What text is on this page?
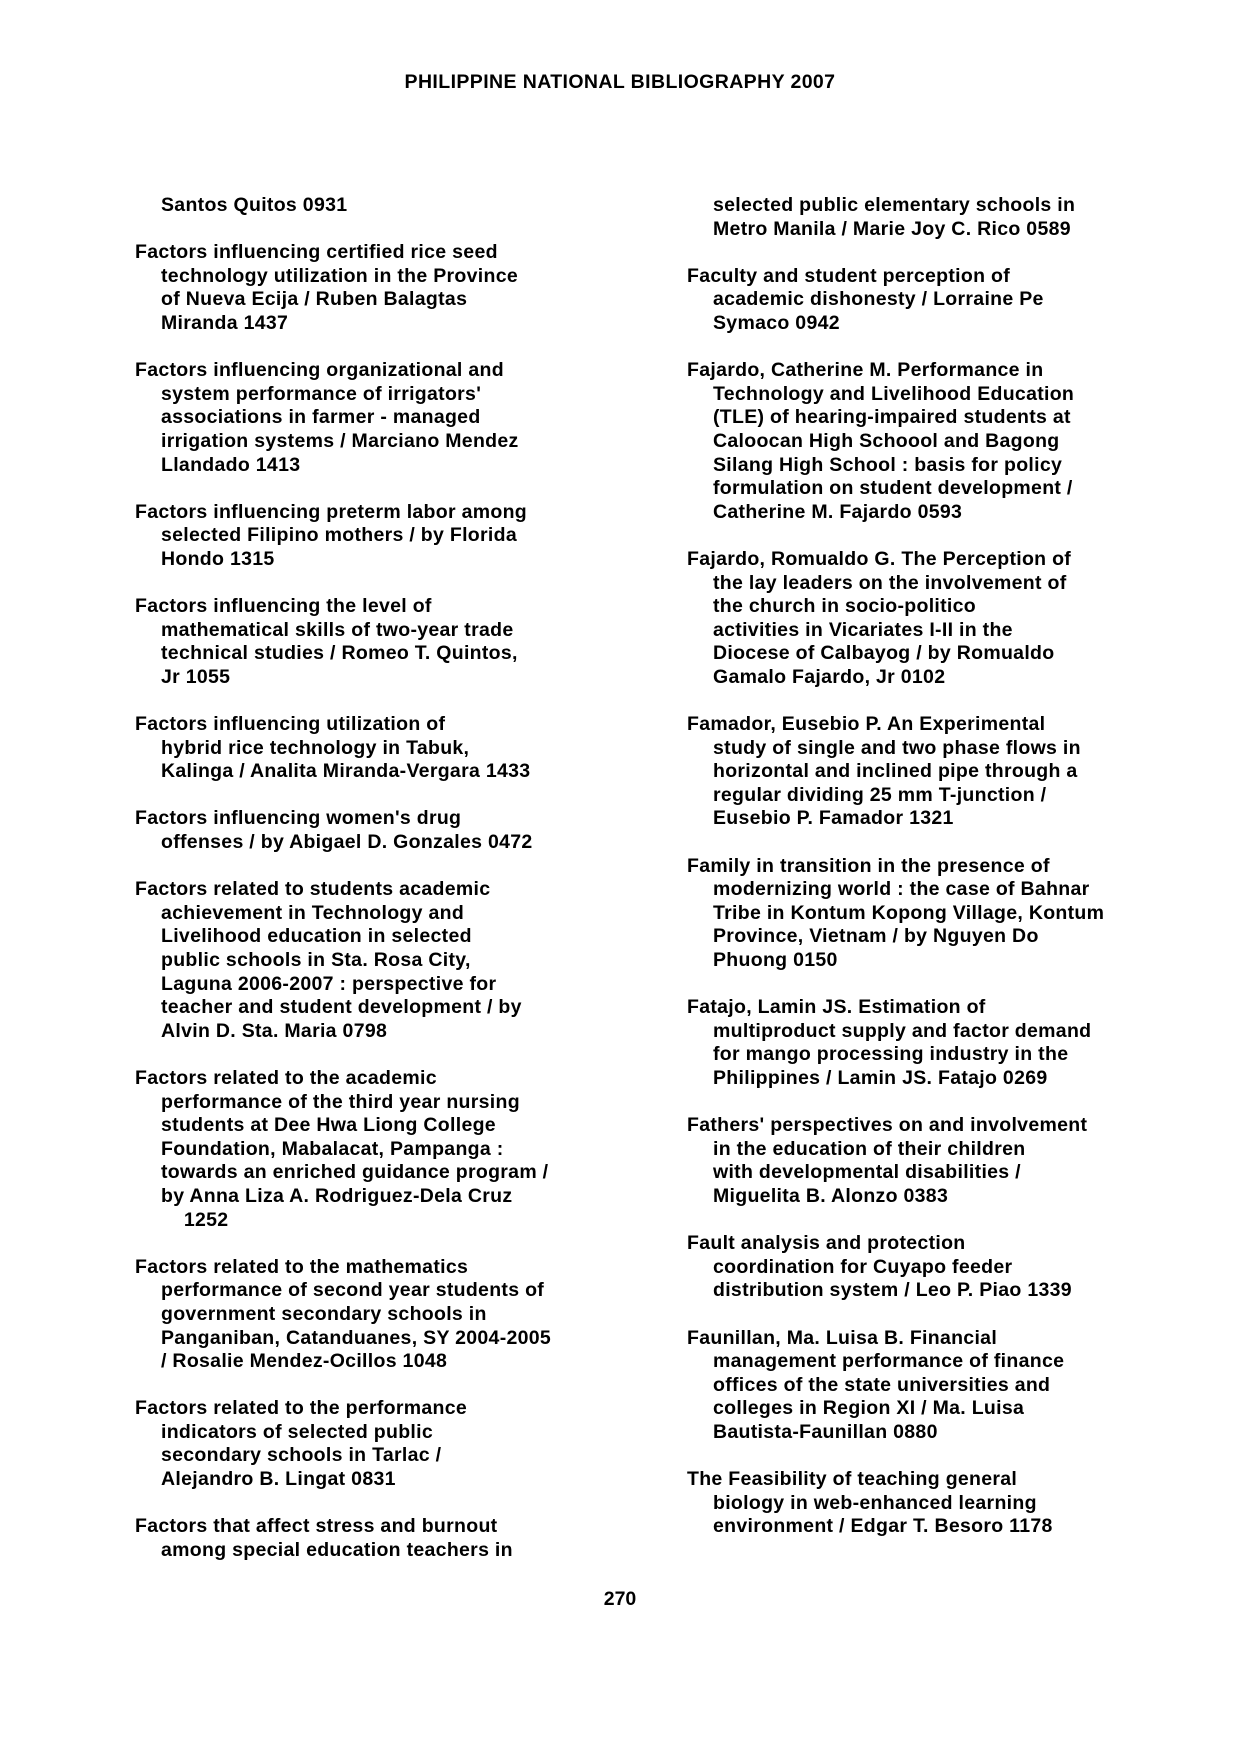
PHILIPPINE NATIONAL BIBLIOGRAPHY 2007
Santos Quitos 0931
Factors influencing certified rice seed
technology utilization in the Province
of Nueva Ecija / Ruben Balagtas
Miranda 1437
Factors influencing organizational and
system performance of irrigators'
associations in farmer - managed
irrigation systems / Marciano Mendez
Llandado 1413
Factors influencing preterm labor among
selected Filipino mothers / by Florida
Hondo 1315
Factors influencing the level of
mathematical skills of two-year trade
technical studies / Romeo T. Quintos,
Jr 1055
Factors influencing utilization of
hybrid rice technology in Tabuk,
Kalinga / Analita Miranda-Vergara 1433
Factors influencing women's drug
offenses / by Abigael D. Gonzales 0472
Factors related to students academic
achievement in Technology and
Livelihood education in selected
public schools in Sta. Rosa City,
Laguna 2006-2007 : perspective for
teacher and student development / by
Alvin D. Sta. Maria 0798
Factors related to the academic
performance of the third year nursing
students at Dee Hwa Liong College
Foundation, Mabalacat, Pampanga :
towards an enriched guidance program /
by Anna Liza A. Rodriguez-Dela Cruz
1252
Factors related to the mathematics
performance of second year students of
government secondary schools in
Panganiban, Catanduanes, SY 2004-2005
/ Rosalie Mendez-Ocillos 1048
Factors related to the performance
indicators of selected public
secondary schools in Tarlac /
Alejandro B. Lingat 0831
Factors that affect stress and burnout
among special education teachers in
selected public elementary schools in
Metro Manila / Marie Joy C. Rico 0589
Faculty and student perception of
academic dishonesty / Lorraine Pe
Symaco 0942
Fajardo, Catherine M. Performance in
Technology and Livelihood Education
(TLE) of hearing-impaired students at
Caloocan High Schoool and Bagong
Silang High School : basis for policy
formulation on student development /
Catherine M. Fajardo 0593
Fajardo, Romualdo G. The Perception of
the lay leaders on the involvement of
the church in socio-politico
activities in Vicariates I-II in the
Diocese of Calbayog / by Romualdo
Gamalo Fajardo, Jr 0102
Famador, Eusebio P. An Experimental
study of single and two phase flows in
horizontal and inclined pipe through a
regular dividing 25 mm T-junction /
Eusebio P. Famador 1321
Family in transition in the presence of
modernizing world : the case of Bahnar
Tribe in Kontum Kopong Village, Kontum
Province, Vietnam / by Nguyen Do
Phuong 0150
Fatajo, Lamin JS. Estimation of
multiproduct supply and factor demand
for mango processing industry in the
Philippines / Lamin JS. Fatajo 0269
Fathers' perspectives on and involvement
in the education of their children
with developmental disabilities /
Miguelita B. Alonzo 0383
Fault analysis and protection
coordination for Cuyapo feeder
distribution system / Leo P. Piao 1339
Faunillan, Ma. Luisa B. Financial
management performance of finance
offices of the state universities and
colleges in Region XI / Ma. Luisa
Bautista-Faunillan 0880
The Feasibility of teaching general
biology in web-enhanced learning
environment / Edgar T. Besoro 1178
270
